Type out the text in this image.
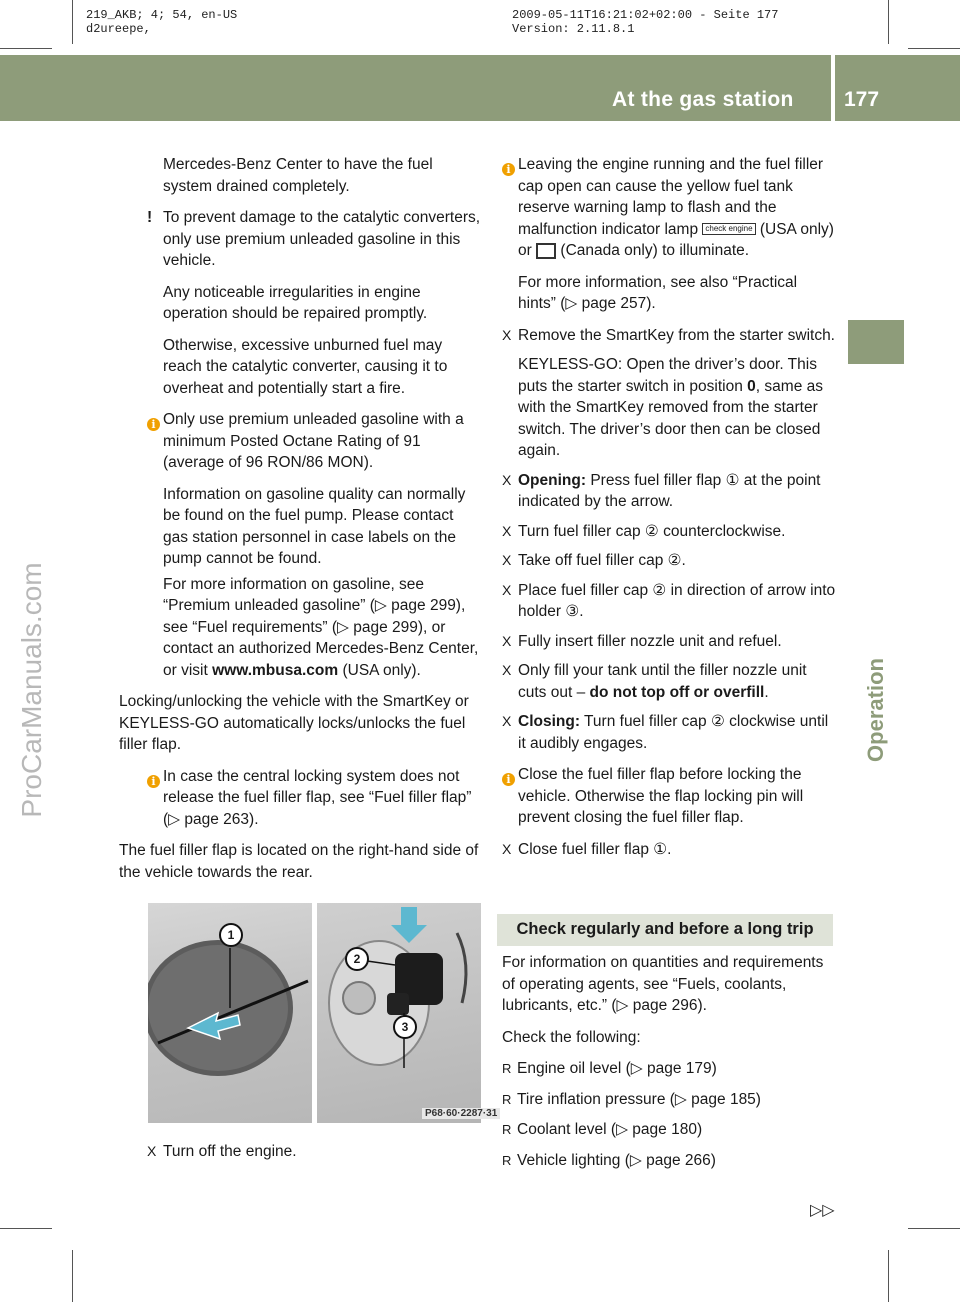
219_AKB; 4; 54, en-US
d2ureepe,
2009-05-11T16:21:02+02:00 - Seite 177
Version: 2.11.8.1
At the gas station 177
Operation
ProCarManuals.com
Mercedes-Benz Center to have the fuel
system drained completely.
! To prevent damage to the catalytic converters, only use premium unleaded gasoline in this vehicle.

Any noticeable irregularities in engine operation should be repaired promptly.

Otherwise, excessive unburned fuel may reach the catalytic converter, causing it to overheat and potentially start a fire.

i Only use premium unleaded gasoline with a minimum Posted Octane Rating of 91 (average of 96 RON/86 MON).

Information on gasoline quality can normally be found on the fuel pump. Please contact gas station personnel in case labels on the pump cannot be found.

For more information on gasoline, see “Premium unleaded gasoline” (▷ page 299), see “Fuel requirements” (▷ page 299), or contact an authorized Mercedes-Benz Center, or visit www.mbusa.com (USA only).

Locking/unlocking the vehicle with the SmartKey or KEYLESS-GO automatically locks/unlocks the fuel filler flap.

i In case the central locking system does not release the fuel filler flap, see “Fuel filler flap” (▷ page 263).

The fuel filler flap is located on the right-hand side of the vehicle towards the rear.

1
2
3
P68·60·2287·31
X Turn off the engine.
i Leaving the engine running and the fuel filler cap open can cause the yellow fuel tank reserve warning lamp to flash and the malfunction indicator lamp check engine (USA only) or (Canada only) to illuminate.

For more information, see also “Practical hints” (▷ page 257).

X Remove the SmartKey from the starter switch.

KEYLESS-GO: Open the driver’s door. This puts the starter switch in position 0, same as with the SmartKey removed from the starter switch. The driver’s door then can be closed again.

X Opening: Press fuel filler flap ① at the point indicated by the arrow.
X Turn fuel filler cap ② counterclockwise.
X Take off fuel filler cap ②.
X Place fuel filler cap ② in direction of arrow into holder ③.
X Fully insert filler nozzle unit and refuel.
X Only fill your tank until the filler nozzle unit cuts out – do not top off or overfill.
X Closing: Turn fuel filler cap ② clockwise until it audibly engages.
i Close the fuel filler flap before locking the vehicle. Otherwise the flap locking pin will prevent closing the fuel filler flap.

X Close fuel filler flap ①.
Check regularly and before a long trip

For information on quantities and requirements of operating agents, see “Fuels, coolants, lubricants, etc.” (▷ page 296).

Check the following:

R Engine oil level (▷ page 179)
R Tire inflation pressure (▷ page 185)
R Coolant level (▷ page 180)
R Vehicle lighting (▷ page 266)
▷▷
